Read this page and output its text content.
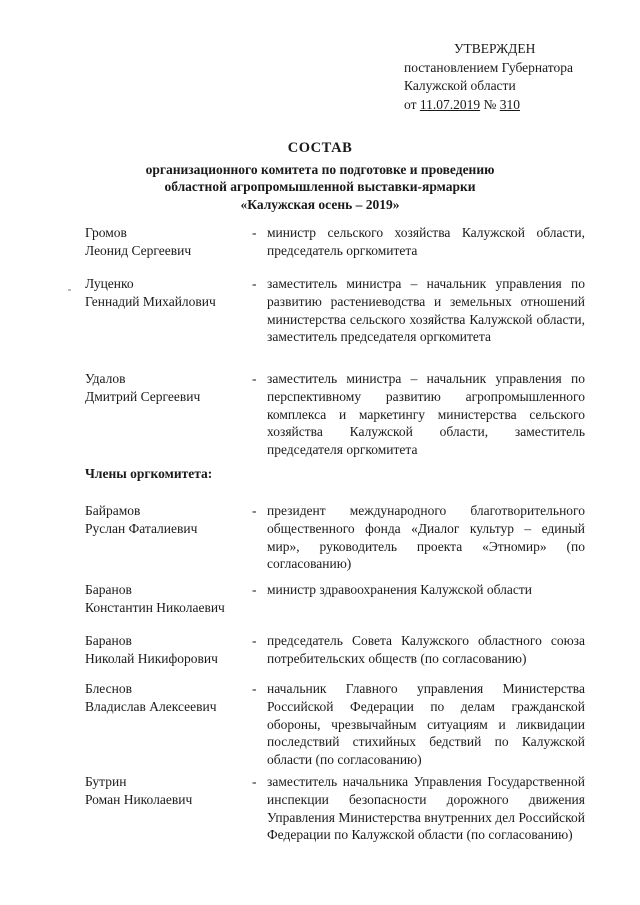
УТВЕРЖДЕН
постановлением Губернатора
Калужской области
от 11.07.2019 № 310
СОСТАВ
организационного комитета по подготовке и проведению
областной агропромышленной выставки-ярмарки
«Калужская осень – 2019»
Громов
Леонид Сергеевич
- министр сельского хозяйства Калужской области, председатель оргкомитета
Луценко
Геннадий Михайлович
- заместитель министра – начальник управления по развитию растениеводства и земельных отношений министерства сельского хозяйства Калужской области, заместитель председателя оргкомитета
Удалов
Дмитрий Сергеевич
- заместитель министра – начальник управления по перспективному развитию агропромышленного комплекса и маркетингу министерства сельского хозяйства Калужской области, заместитель председателя оргкомитета
Члены оргкомитета:
Байрамов
Руслан Фаталиевич
- президент международного благотворительного общественного фонда «Диалог культур – единый мир», руководитель проекта «Этномир» (по согласованию)
Баранов
Константин Николаевич
- министр здравоохранения Калужской области
Баранов
Николай Никифорович
- председатель Совета Калужского областного союза потребительских обществ (по согласованию)
Блеснов
Владислав Алексеевич
- начальник Главного управления Министерства Российской Федерации по делам гражданской обороны, чрезвычайным ситуациям и ликвидации последствий стихийных бедствий по Калужской области (по согласованию)
Бутрин
Роман Николаевич
- заместитель начальника Управления Государственной инспекции безопасности дорожного движения Управления Министерства внутренних дел Российской Федерации по Калужской области (по согласованию)
